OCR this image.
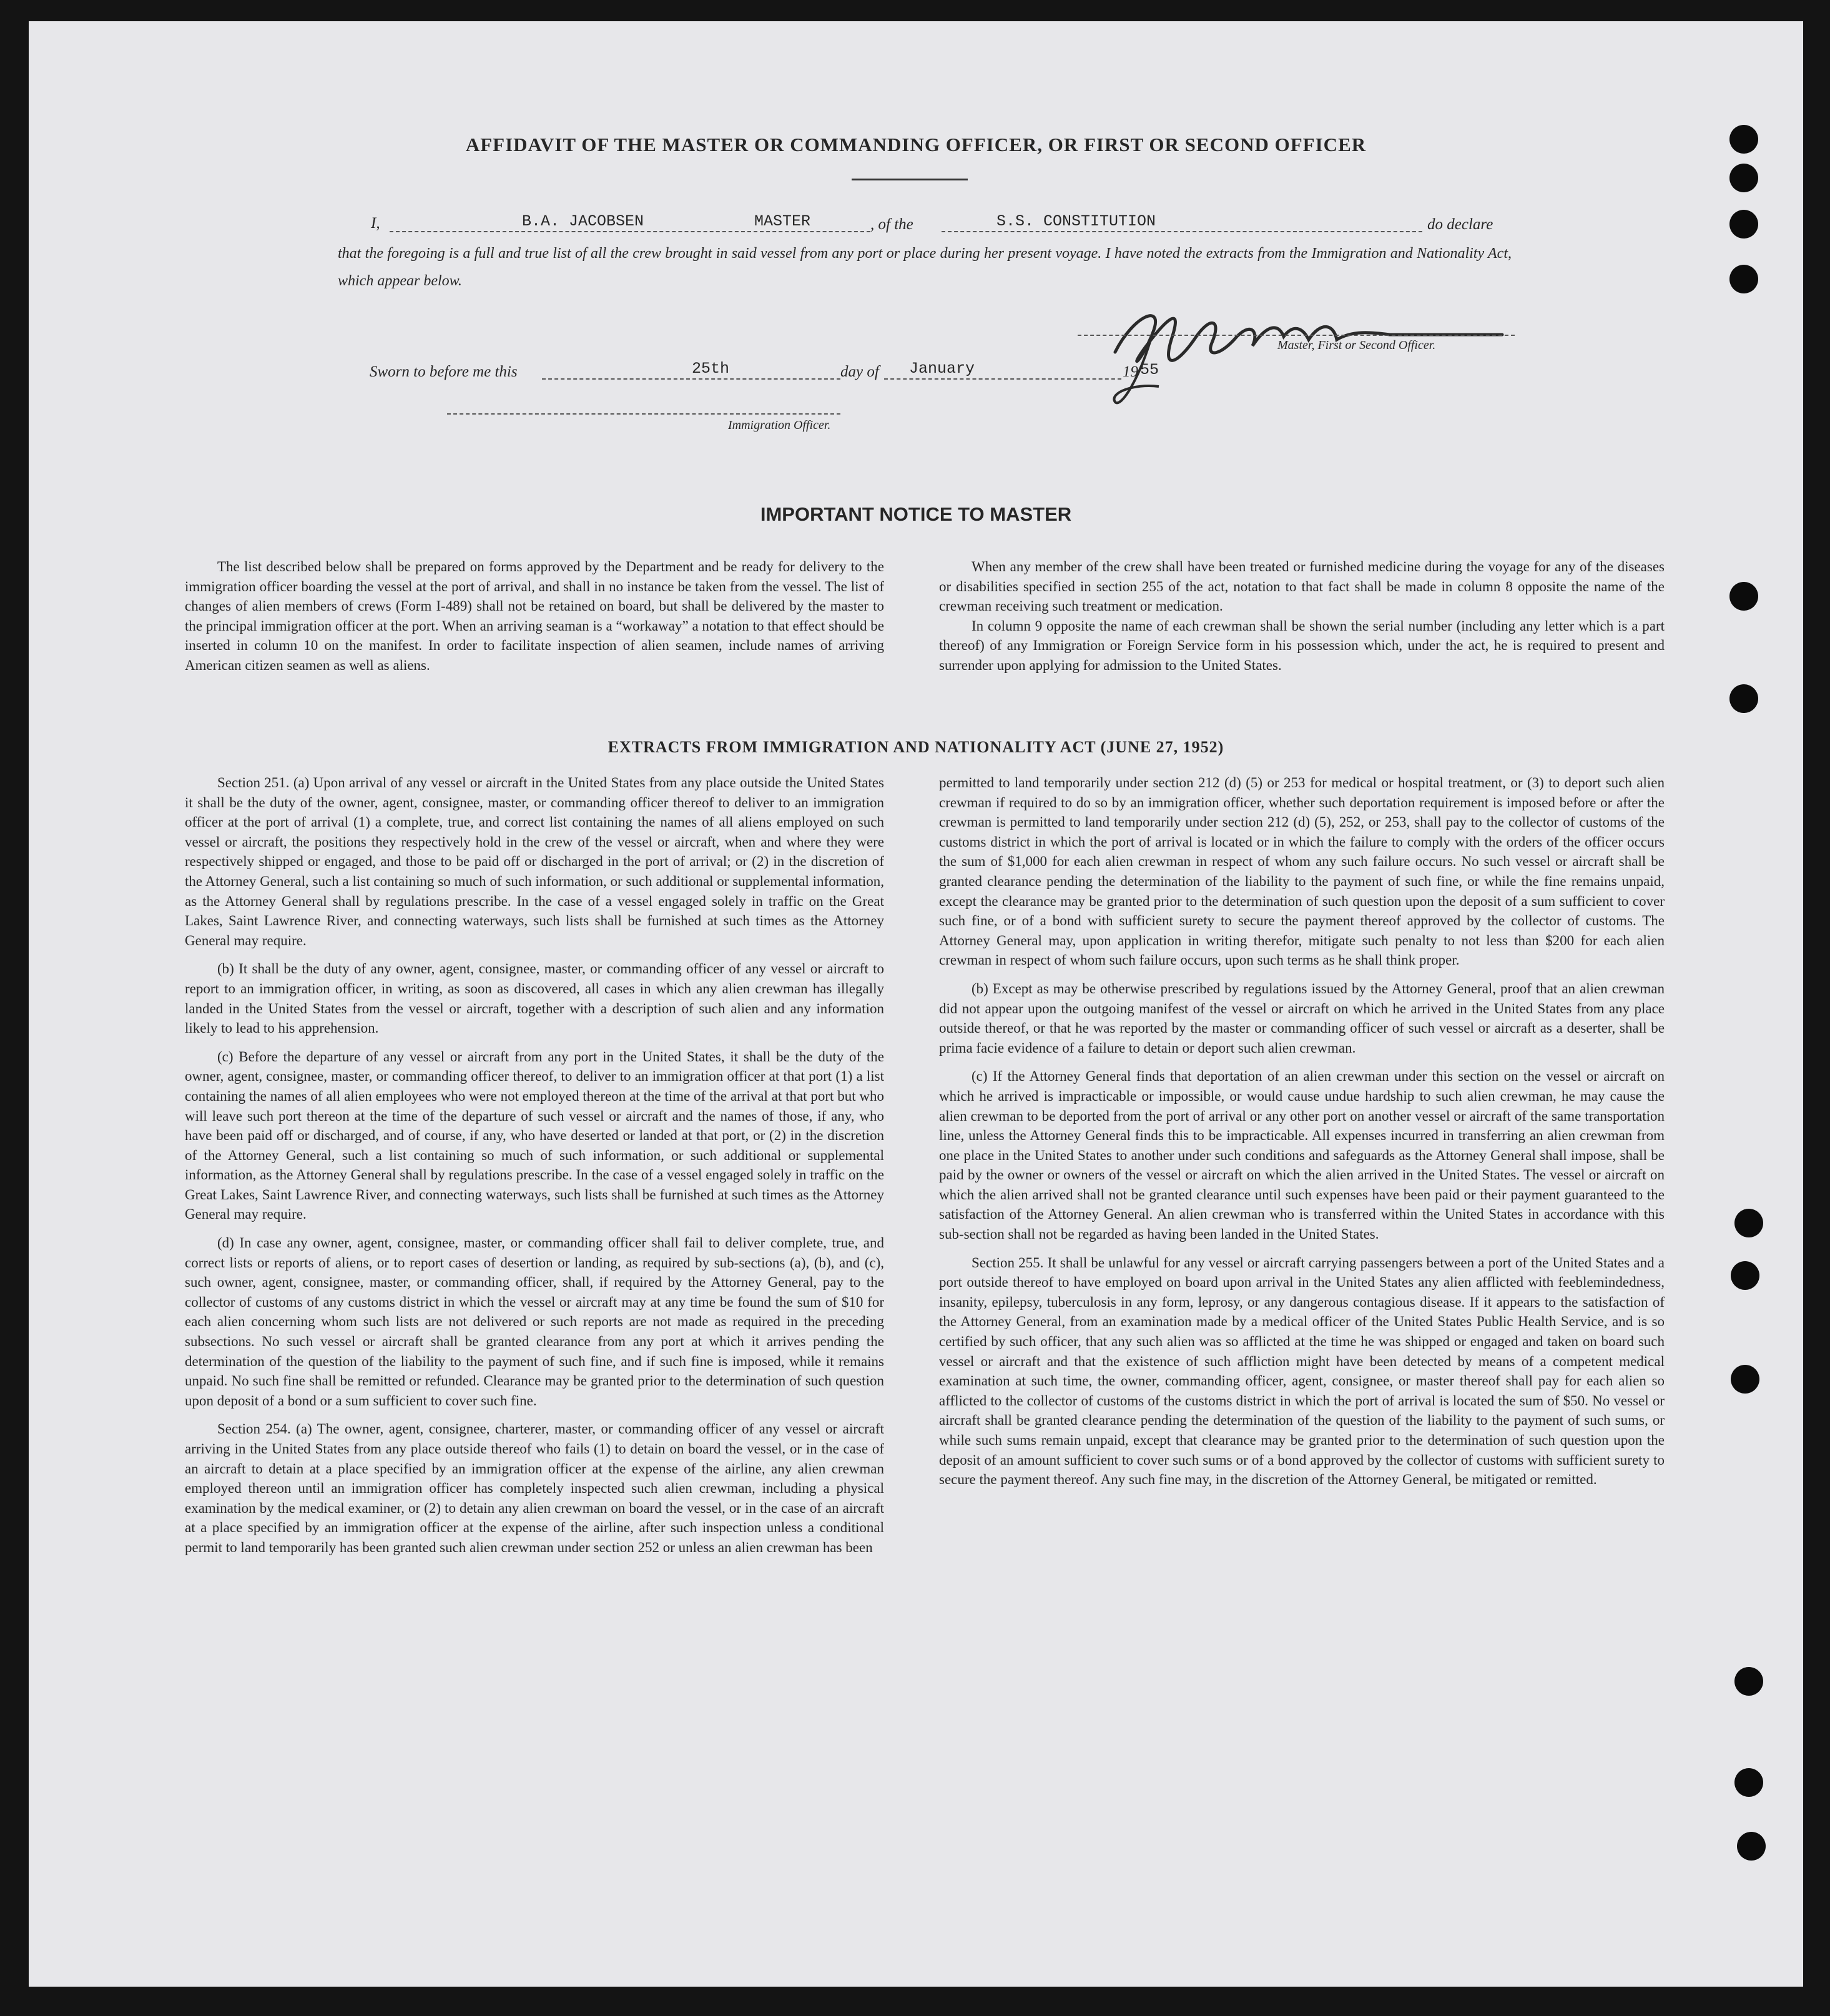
AFFIDAVIT OF THE MASTER OR COMMANDING OFFICER, OR FIRST OR SECOND OFFICER
I,	B.A. JACOBSEN	MASTER	, of the	S.S. CONSTITUTION	do declare
that the foregoing is a full and true list of all the crew brought in said vessel from any port or place during her present voyage. I have noted the extracts from the Immigration and Nationality Act, which appear below.
Master, First or Second Officer.
Sworn to before me this	25th	day of January	19 55
Immigration Officer.
IMPORTANT NOTICE TO MASTER

The list described below shall be prepared on forms approved by the Department and be ready for delivery to the immigration officer boarding the vessel at the port of arrival, and shall in no instance be taken from the vessel. The list of changes of alien members of crews (Form I-489) shall not be retained on board, but shall be delivered by the master to the principal immigration officer at the port. When an arriving seaman is a “workaway” a notation to that effect should be inserted in column 10 on the manifest. In order to facilitate inspection of alien seamen, include names of arriving American citizen seamen as well as aliens.

When any member of the crew shall have been treated or furnished medicine during the voyage for any of the diseases or disabilities specified in section 255 of the act, notation to that fact shall be made in column 8 opposite the name of the crewman receiving such treatment or medication.

In column 9 opposite the name of each crewman shall be shown the serial number (including any letter which is a part thereof) of any Immigration or Foreign Service form in his possession which, under the act, he is required to present and surrender upon applying for admission to the United States.

EXTRACTS FROM IMMIGRATION AND NATIONALITY ACT (JUNE 27, 1952)

Section 251. (a) Upon arrival of any vessel or aircraft in the United States from any place outside the United States it shall be the duty of the owner, agent, consignee, master, or commanding officer thereof to deliver to an immigration officer at the port of arrival (1) a complete, true, and correct list containing the names of all aliens employed on such vessel or aircraft, the positions they respectively hold in the crew of the vessel or aircraft, when and where they were respectively shipped or engaged, and those to be paid off or discharged in the port of arrival; or (2) in the discretion of the Attorney General, such a list containing so much of such information, or such additional or supplemental information, as the Attorney General shall by regulations prescribe. In the case of a vessel engaged solely in traffic on the Great Lakes, Saint Lawrence River, and connecting waterways, such lists shall be furnished at such times as the Attorney General may require.

(b) It shall be the duty of any owner, agent, consignee, master, or commanding officer of any vessel or aircraft to report to an immigration officer, in writing, as soon as discovered, all cases in which any alien crewman has illegally landed in the United States from the vessel or aircraft, together with a description of such alien and any information likely to lead to his apprehension.

(c) Before the departure of any vessel or aircraft from any port in the United States, it shall be the duty of the owner, agent, consignee, master, or commanding officer thereof, to deliver to an immigration officer at that port (1) a list containing the names of all alien employees who were not employed thereon at the time of the arrival at that port but who will leave such port thereon at the time of the departure of such vessel or aircraft and the names of those, if any, who have been paid off or discharged, and of course, if any, who have deserted or landed at that port, or (2) in the discretion of the Attorney General, such a list containing so much of such information, or such additional or supplemental information, as the Attorney General shall by regulations prescribe. In the case of a vessel engaged solely in traffic on the Great Lakes, Saint Lawrence River, and connecting waterways, such lists shall be furnished at such times as the Attorney General may require.

(d) In case any owner, agent, consignee, master, or commanding officer shall fail to deliver complete, true, and correct lists or reports of aliens, or to report cases of desertion or landing, as required by sub-sections (a), (b), and (c), such owner, agent, consignee, master, or commanding officer, shall, if required by the Attorney General, pay to the collector of customs of any customs district in which the vessel or aircraft may at any time be found the sum of $10 for each alien concerning whom such lists are not delivered or such reports are not made as required in the preceding subsections. No such vessel or aircraft shall be granted clearance from any port at which it arrives pending the determination of the question of the liability to the payment of such fine, and if such fine is imposed, while it remains unpaid. No such fine shall be remitted or refunded. Clearance may be granted prior to the determination of such question upon deposit of a bond or a sum sufficient to cover such fine.

Section 254. (a) The owner, agent, consignee, charterer, master, or commanding officer of any vessel or aircraft arriving in the United States from any place outside thereof who fails (1) to detain on board the vessel, or in the case of an aircraft to detain at a place specified by an immigration officer at the expense of the airline, any alien crewman employed thereon until an immigration officer has completely inspected such alien crewman, including a physical examination by the medical examiner, or (2) to detain any alien crewman on board the vessel, or in the case of an aircraft at a place specified by an immigration officer at the expense of the airline, after such inspection unless a conditional permit to land temporarily has been granted such alien crewman under section 252 or unless an alien crewman has been

permitted to land temporarily under section 212 (d) (5) or 253 for medical or hospital treatment, or (3) to deport such alien crewman if required to do so by an immigration officer, whether such deportation requirement is imposed before or after the crewman is permitted to land temporarily under section 212 (d) (5), 252, or 253, shall pay to the collector of customs of the customs district in which the port of arrival is located or in which the failure to comply with the orders of the officer occurs the sum of $1,000 for each alien crewman in respect of whom any such failure occurs. No such vessel or aircraft shall be granted clearance pending the determination of the liability to the payment of such fine, or while the fine remains unpaid, except the clearance may be granted prior to the determination of such question upon the deposit of a sum sufficient to cover such fine, or of a bond with sufficient surety to secure the payment thereof approved by the collector of customs. The Attorney General may, upon application in writing therefor, mitigate such penalty to not less than $200 for each alien crewman in respect of whom such failure occurs, upon such terms as he shall think proper.

(b) Except as may be otherwise prescribed by regulations issued by the Attorney General, proof that an alien crewman did not appear upon the outgoing manifest of the vessel or aircraft on which he arrived in the United States from any place outside thereof, or that he was reported by the master or commanding officer of such vessel or aircraft as a deserter, shall be prima facie evidence of a failure to detain or deport such alien crewman.

(c) If the Attorney General finds that deportation of an alien crewman under this section on the vessel or aircraft on which he arrived is impracticable or impossible, or would cause undue hardship to such alien crewman, he may cause the alien crewman to be deported from the port of arrival or any other port on another vessel or aircraft of the same transportation line, unless the Attorney General finds this to be impracticable. All expenses incurred in transferring an alien crewman from one place in the United States to another under such conditions and safeguards as the Attorney General shall impose, shall be paid by the owner or owners of the vessel or aircraft on which the alien arrived in the United States. The vessel or aircraft on which the alien arrived shall not be granted clearance until such expenses have been paid or their payment guaranteed to the satisfaction of the Attorney General. An alien crewman who is transferred within the United States in accordance with this sub-section shall not be regarded as having been landed in the United States.

Section 255. It shall be unlawful for any vessel or aircraft carrying passengers between a port of the United States and a port outside thereof to have employed on board upon arrival in the United States any alien afflicted with feeblemindedness, insanity, epilepsy, tuberculosis in any form, leprosy, or any dangerous contagious disease. If it appears to the satisfaction of the Attorney General, from an examination made by a medical officer of the United States Public Health Service, and is so certified by such officer, that any such alien was so afflicted at the time he was shipped or engaged and taken on board such vessel or aircraft and that the existence of such affliction might have been detected by means of a competent medical examination at such time, the owner, commanding officer, agent, consignee, or master thereof shall pay for each alien so afflicted to the collector of customs of the customs district in which the port of arrival is located the sum of $50. No vessel or aircraft shall be granted clearance pending the determination of the question of the liability to the payment of such sums, or while such sums remain unpaid, except that clearance may be granted prior to the determination of such question upon the deposit of an amount sufficient to cover such sums or of a bond approved by the collector of customs with sufficient surety to secure the payment thereof. Any such fine may, in the discretion of the Attorney General, be mitigated or remitted.
